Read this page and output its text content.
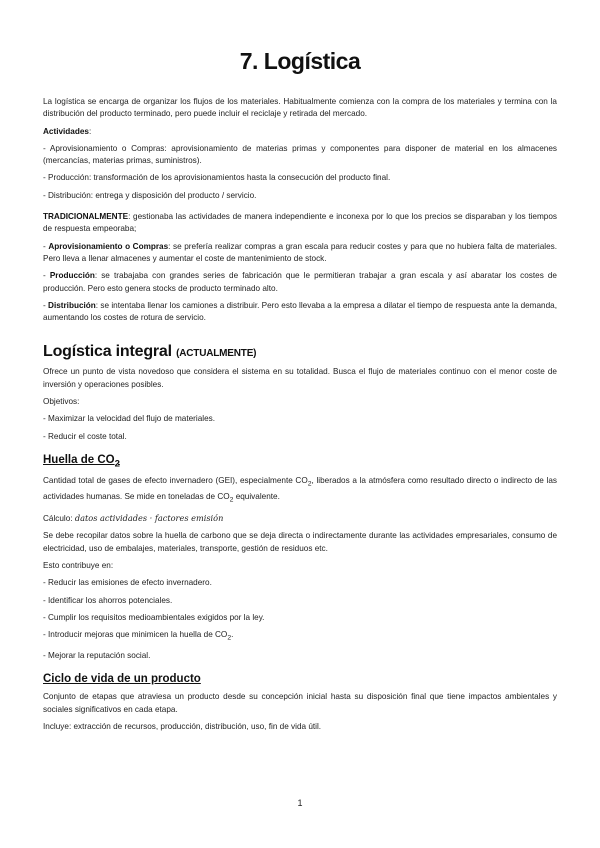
7. Logística

La logística se encarga de organizar los flujos de los materiales. Habitualmente comienza con la compra de los materiales y termina con la distribución del producto terminado, pero puede incluir el reciclaje y retirada del mercado.

Actividades:

- Aprovisionamiento o Compras: aprovisionamiento de materias primas y componentes para disponer de material en los almacenes (mercancías, materias primas, suministros).

- Producción: transformación de los aprovisionamientos hasta la consecución del producto final.

- Distribución: entrega y disposición del producto / servicio.

TRADICIONALMENTE: gestionaba las actividades de manera independiente e inconexa por lo que los precios se disparaban y los tiempos de respuesta empeoraba;

- Aprovisionamiento o Compras: se prefería realizar compras a gran escala para reducir costes y para que no hubiera falta de materiales. Pero lleva a llenar almacenes y aumentar el coste de mantenimiento de stock.

- Producción: se trabajaba con grandes series de fabricación que le permitieran trabajar a gran escala y así abaratar los costes de producción. Pero esto genera stocks de producto terminado alto.

- Distribución: se intentaba llenar los camiones a distribuir. Pero esto llevaba a la empresa a dilatar el tiempo de respuesta ante la demanda, aumentando los costes de rotura de servicio.

Logística integral (ACTUALMENTE)

Ofrece un punto de vista novedoso que considera el sistema en su totalidad. Busca el flujo de materiales continuo con el menor coste de inversión y operaciones posibles.

Objetivos:

- Maximizar la velocidad del flujo de materiales.

- Reducir el coste total.

Huella de $CO_2$

Cantidad total de gases de efecto invernadero (GEI), especialmente $CO_2$, liberados a la atmósfera como resultado directo o indirecto de las actividades humanas. Se mide en toneladas de $CO_2$ equivalente.

Cálculo: datos actividades · factores emisión

Se debe recopilar datos sobre la huella de carbono que se deja directa o indirectamente durante las actividades empresariales, consumo de electricidad, uso de embalajes, materiales, transporte, gestión de residuos etc.

Esto contribuye en:

- Reducir las emisiones de efecto invernadero.

- Identificar los ahorros potenciales.

- Cumplir los requisitos medioambientales exigidos por la ley.

- Introducir mejoras que minimicen la huella de $CO_2$.

- Mejorar la reputación social.

Ciclo de vida de un producto

Conjunto de etapas que atraviesa un producto desde su concepción inicial hasta su disposición final que tiene impactos ambientales y sociales significativos en cada etapa.

Incluye: extracción de recursos, producción, distribución, uso, fin de vida útil.

1
